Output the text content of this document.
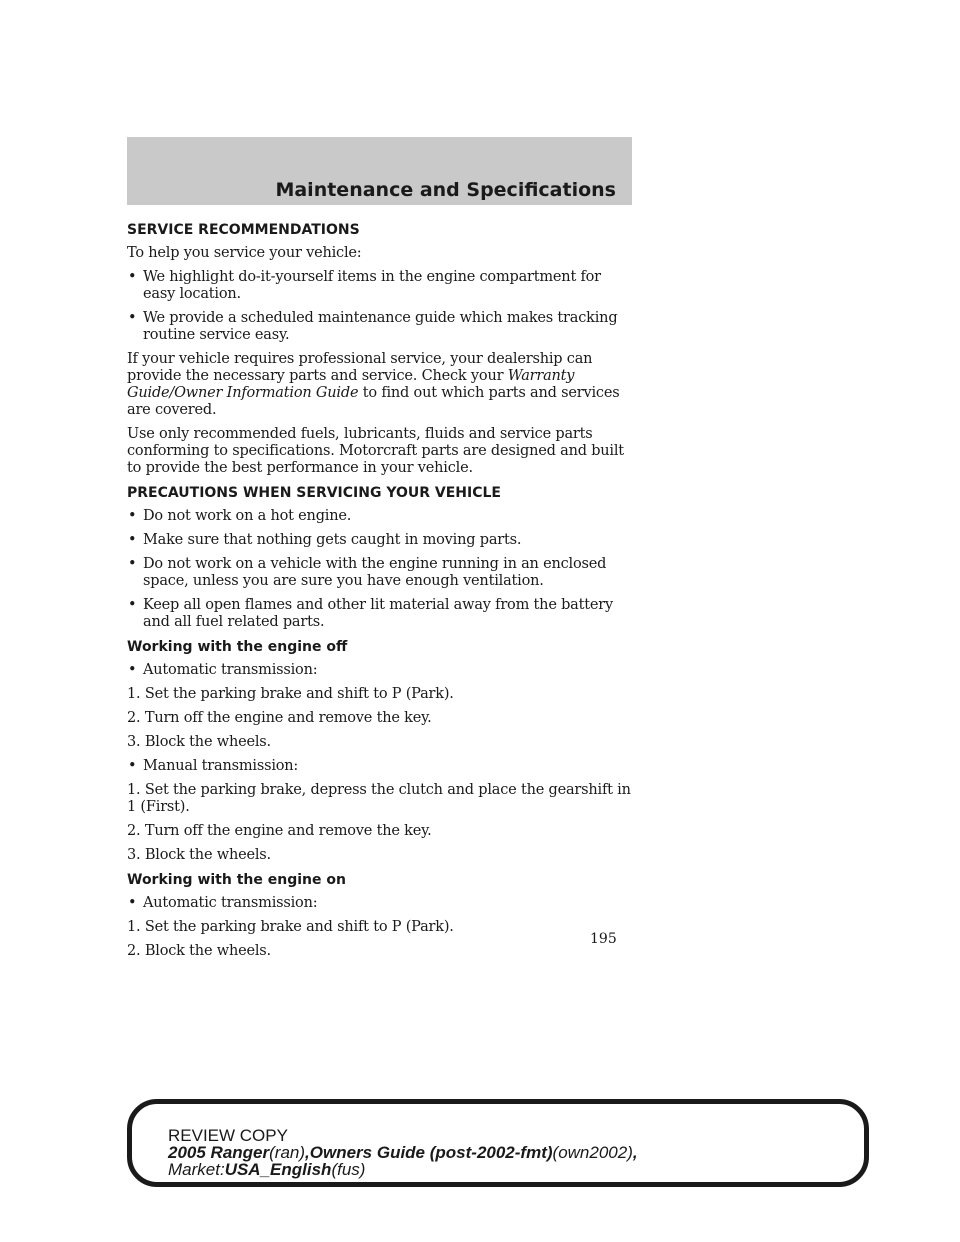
Maintenance and Specifications
SERVICE RECOMMENDATIONS
To help you service your vehicle:
• We highlight do-it-yourself items in the engine compartment for easy location.
• We provide a scheduled maintenance guide which makes tracking routine service easy.
If your vehicle requires professional service, your dealership can provide the necessary parts and service. Check your Warranty Guide/Owner Information Guide to find out which parts and services are covered.
Use only recommended fuels, lubricants, fluids and service parts conforming to specifications. Motorcraft parts are designed and built to provide the best performance in your vehicle.
PRECAUTIONS WHEN SERVICING YOUR VEHICLE
• Do not work on a hot engine.
• Make sure that nothing gets caught in moving parts.
• Do not work on a vehicle with the engine running in an enclosed space, unless you are sure you have enough ventilation.
• Keep all open flames and other lit material away from the battery and all fuel related parts.
Working with the engine off
• Automatic transmission:
1. Set the parking brake and shift to P (Park).
2. Turn off the engine and remove the key.
3. Block the wheels.
• Manual transmission:
1. Set the parking brake, depress the clutch and place the gearshift in 1 (First).
2. Turn off the engine and remove the key.
3. Block the wheels.
Working with the engine on
• Automatic transmission:
1. Set the parking brake and shift to P (Park).
2. Block the wheels.
195
REVIEW COPY
2005 Ranger(ran),Owners Guide (post-2002-fmt)(own2002),
Market:USA_English(fus)
